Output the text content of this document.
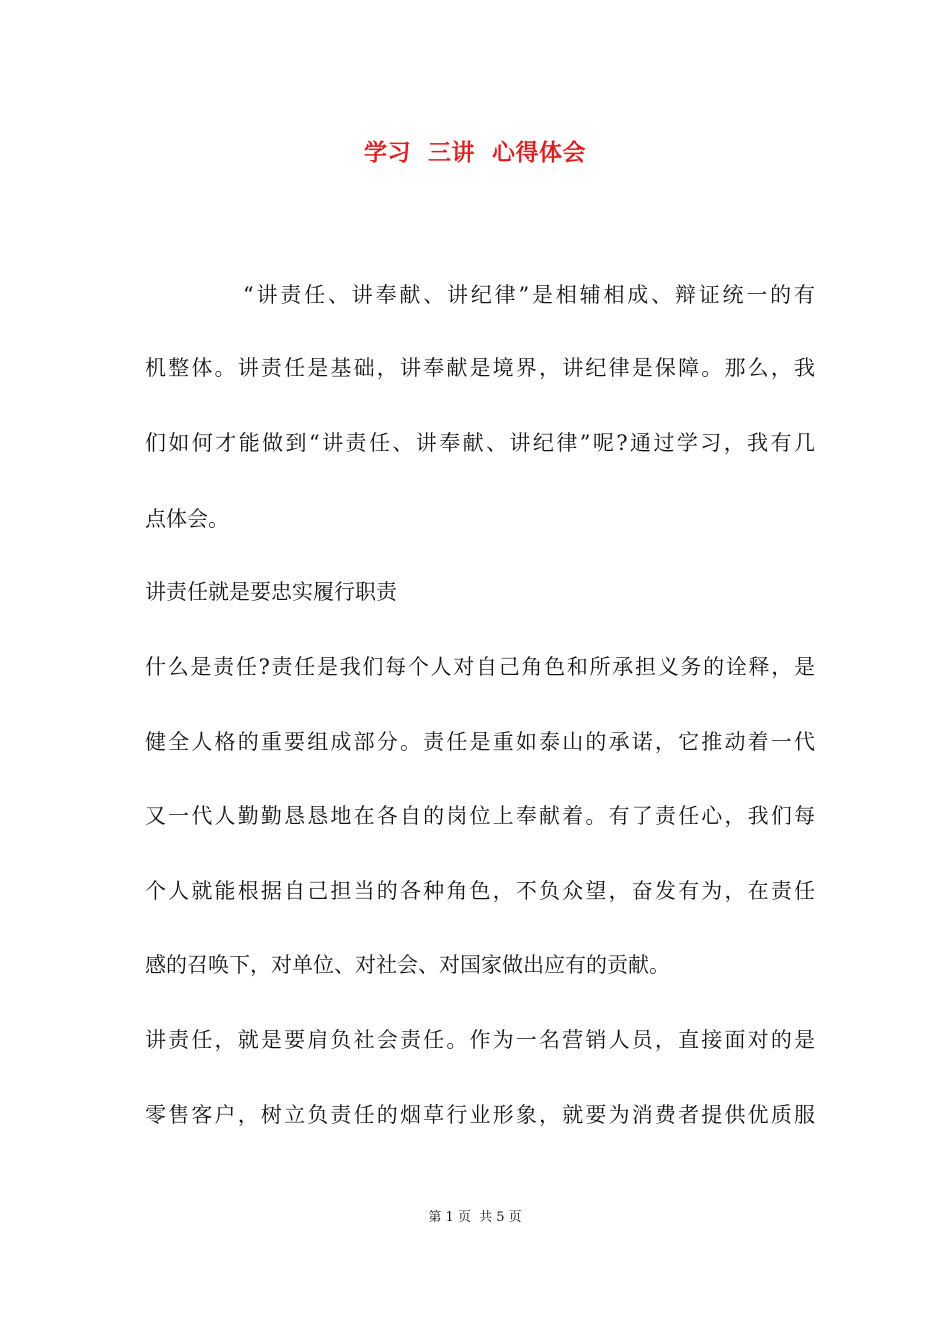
学习  三讲  心得体会
“讲责任、讲奉献、讲纪律”是相辅相成、辩证统一的有
机整体。讲责任是基础，讲奉献是境界，讲纪律是保障。那么，我
们如何才能做到“讲责任、讲奉献、讲纪律”呢?通过学习，我有几
点体会。
讲责任就是要忠实履行职责
什么是责任?责任是我们每个人对自己角色和所承担义务的诠释，是
健全人格的重要组成部分。责任是重如泰山的承诺，它推动着一代
又一代人勤勤恳恳地在各自的岗位上奉献着。有了责任心，我们每
个人就能根据自己担当的各种角色，不负众望，奋发有为，在责任
感的召唤下，对单位、对社会、对国家做出应有的贡献。
讲责任，就是要肩负社会责任。作为一名营销人员，直接面对的是
零售客户，树立负责任的烟草行业形象，就要为消费者提供优质服
第 1 页  共 5 页
